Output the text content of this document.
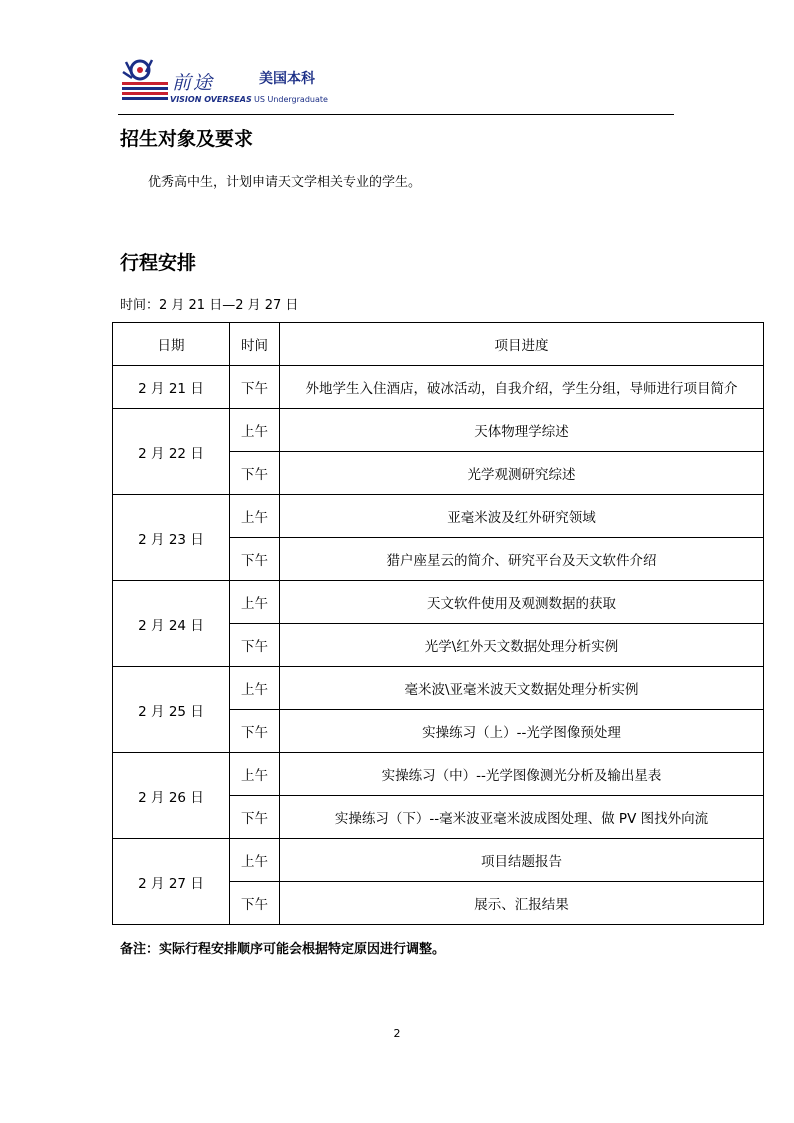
前途	美国本科
VISION OVERSEAS US Undergraduate
招生对象及要求
优秀高中生，计划申请天文学相关专业的学生。
行程安排
时间：2 月 21 日—2 月 27 日
日期	时间	项目进度
2 月 21 日	下午	外地学生入住酒店，破冰活动，自我介绍，学生分组，导师进行项目简介
2 月 22 日	上午	天体物理学综述
	下午	光学观测研究综述
2 月 23 日	上午	亚毫米波及红外研究领域
	下午	猎户座星云的简介、研究平台及天文软件介绍
2 月 24 日	上午	天文软件使用及观测数据的获取
	下午	光学\红外天文数据处理分析实例
2 月 25 日	上午	毫米波\亚毫米波天文数据处理分析实例
	下午	实操练习（上）--光学图像预处理
2 月 26 日	上午	实操练习（中）--光学图像测光分析及输出星表
	下午	实操练习（下）--毫米波亚毫米波成图处理、做 PV 图找外向流
2 月 27 日	上午	项目结题报告
	下午	展示、汇报结果
备注：实际行程安排顺序可能会根据特定原因进行调整。
2
